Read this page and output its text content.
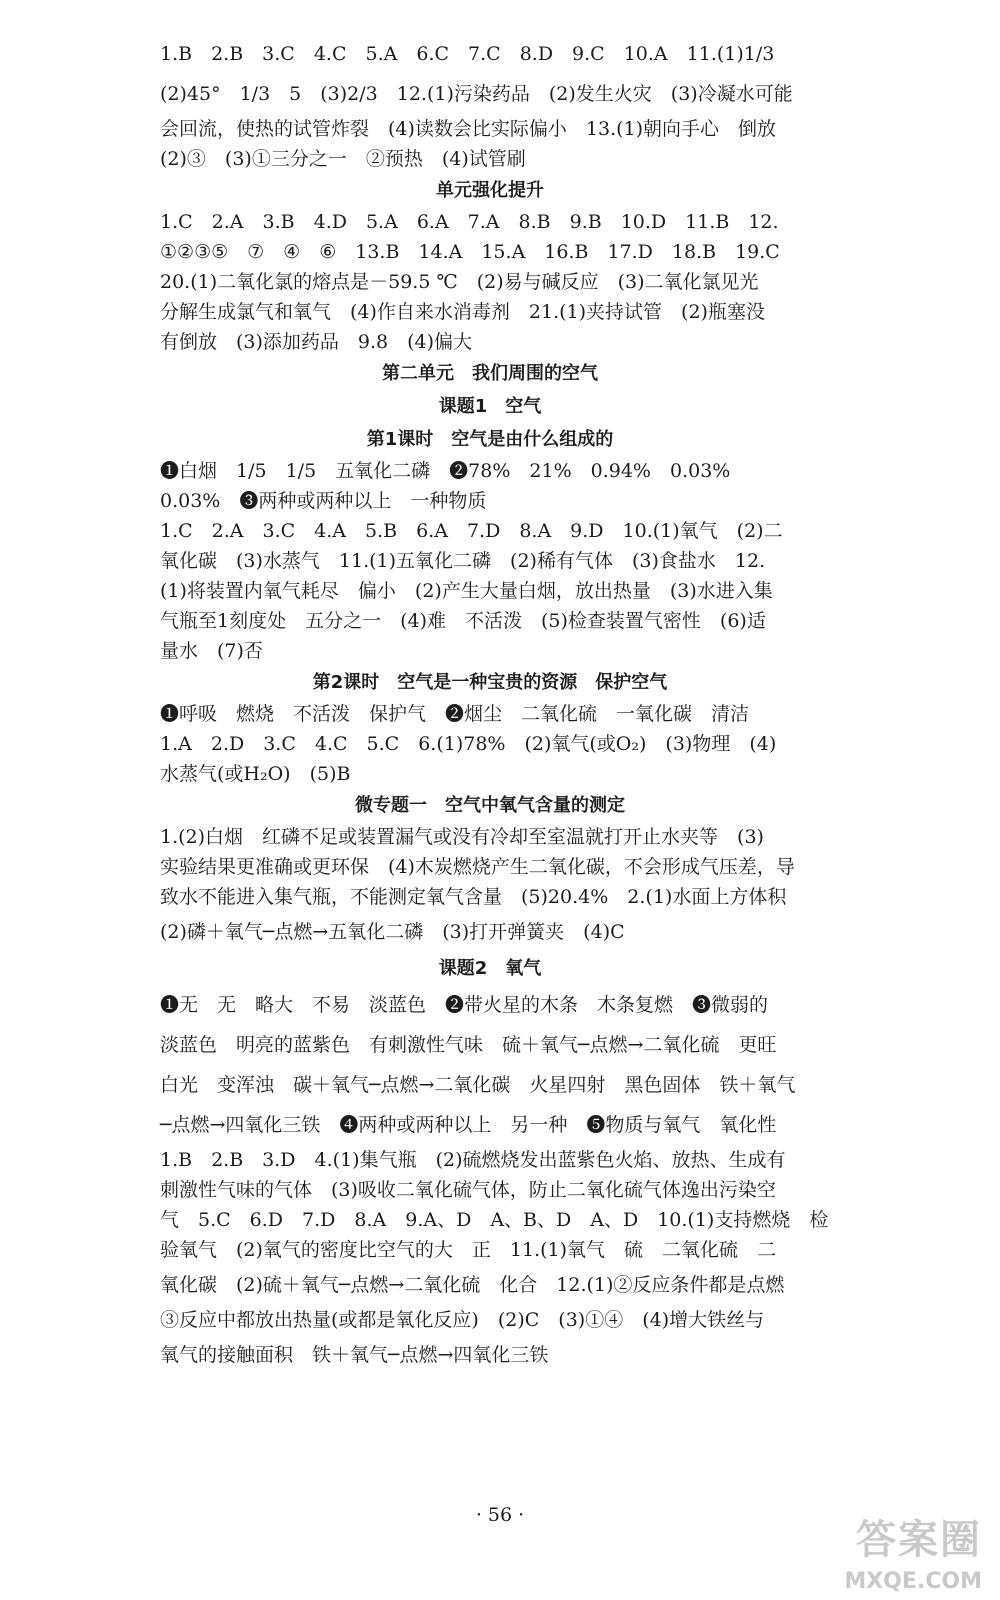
1.B　2.B　3.C　4.C　5.A　6.C　7.C　8.D　9.C　10.A　11.(1)1/3
(2)45°　1/3　5　(3)2/3　12.(1)污染药品　(2)发生火灾　(3)冷凝水可能
会回流，使热的试管炸裂　(4)读数会比实际偏小　13.(1)朝向手心　倒放
(2)③　(3)①三分之一　②预热　(4)试管刷
单元强化提升
1.C　2.A　3.B　4.D　5.A　6.A　7.A　8.B　9.B　10.D　11.B　12.
①②③⑤　⑦　④　⑥　13.B　14.A　15.A　16.B　17.D　18.B　19.C
20.(1)二氧化氯的熔点是－59.5 ℃　(2)易与碱反应　(3)二氧化氯见光
分解生成氯气和氧气　(4)作自来水消毒剂　21.(1)夹持试管　(2)瓶塞没
有倒放　(3)添加药品　9.8　(4)偏大
第二单元　我们周围的空气
课题1　空气
第1课时　空气是由什么组成的
❶白烟　1/5　1/5　五氧化二磷　❷78%　21%　0.94%　0.03%
0.03%　❸两种或两种以上　一种物质
1.C　2.A　3.C　4.A　5.B　6.A　7.D　8.A　9.D　10.(1)氧气　(2)二
氧化碳　(3)水蒸气　11.(1)五氧化二磷　(2)稀有气体　(3)食盐水　12.
(1)将装置内氧气耗尽　偏小　(2)产生大量白烟，放出热量　(3)水进入集
气瓶至1刻度处　五分之一　(4)难　不活泼　(5)检查装置气密性　(6)适
量水　(7)否
第2课时　空气是一种宝贵的资源　保护空气
❶呼吸　燃烧　不活泼　保护气　❷烟尘　二氧化硫　一氧化碳　清洁
1.A　2.D　3.C　4.C　5.C　6.(1)78%　(2)氧气(或O₂)　(3)物理　(4)
水蒸气(或H₂O)　(5)B
微专题一　空气中氧气含量的测定
1.(2)白烟　红磷不足或装置漏气或没有冷却至室温就打开止水夹等　(3)
实验结果更准确或更环保　(4)木炭燃烧产生二氧化碳，不会形成气压差，导
致水不能进入集气瓶，不能测定氧气含量　(5)20.4%　2.(1)水面上方体积
(2)磷＋氧气─点燃→五氧化二磷　(3)打开弹簧夹　(4)C
课题2　氧气
❶无　无　略大　不易　淡蓝色　❷带火星的木条　木条复燃　❸微弱的
淡蓝色　明亮的蓝紫色　有刺激性气味　硫＋氧气─点燃→二氧化硫　更旺
白光　变浑浊　碳＋氧气─点燃→二氧化碳　火星四射　黑色固体　铁＋氧气
─点燃→四氧化三铁　❹两种或两种以上　另一种　❺物质与氧气　氧化性
1.B　2.B　3.D　4.(1)集气瓶　(2)硫燃烧发出蓝紫色火焰、放热、生成有
刺激性气味的气体　(3)吸收二氧化硫气体，防止二氧化硫气体逸出污染空
气　5.C　6.D　7.D　8.A　9.A、D　A、B、D　A、D　10.(1)支持燃烧　检
验氧气　(2)氧气的密度比空气的大　正　11.(1)氧气　硫　二氧化硫　二
氧化碳　(2)硫＋氧气─点燃→二氧化硫　化合　12.(1)②反应条件都是点燃
③反应中都放出热量(或都是氧化反应)　(2)C　(3)①④　(4)增大铁丝与
氧气的接触面积　铁＋氧气─点燃→四氧化三铁
· 56 ·
答案圈
MXQE.COM
